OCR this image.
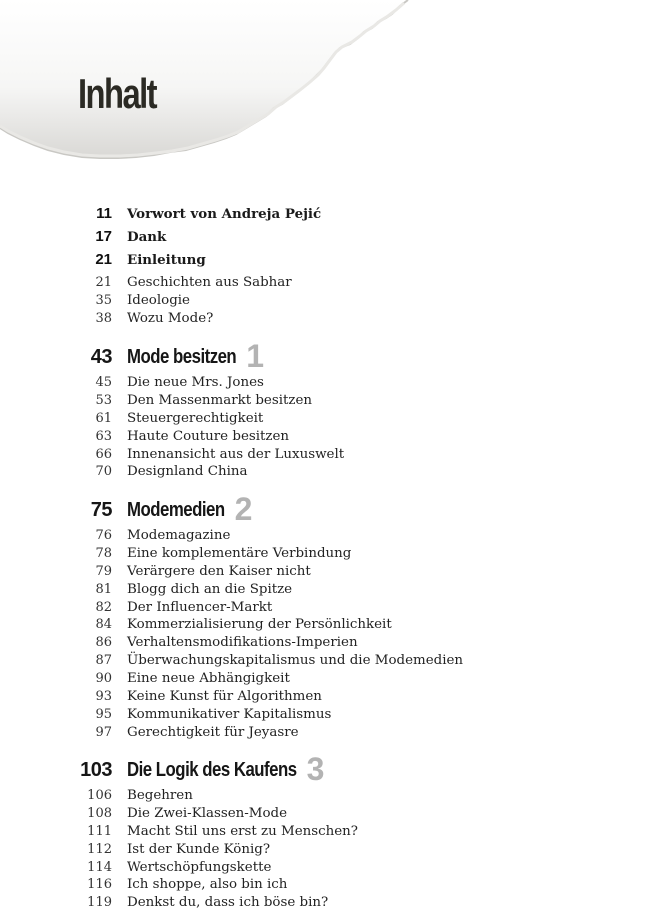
Inhalt
11 Vorwort von Andreja Pejić
17 Dank
21 Einleitung
21 Geschichten aus Sabhar
35 Ideologie
38 Wozu Mode?
43 Mode besitzen 1
45 Die neue Mrs. Jones
53 Den Massenmarkt besitzen
61 Steuergerechtigkeit
63 Haute Couture besitzen
66 Innenansicht aus der Luxuswelt
70 Designland China
75 Modemedien 2
76 Modemagazine
78 Eine komplementäre Verbindung
79 Verärgere den Kaiser nicht
81 Blogg dich an die Spitze
82 Der Influencer-Markt
84 Kommerzialisierung der Persönlichkeit
86 Verhaltensmodifikations-Imperien
87 Überwachungskapitalismus und die Modemedien
90 Eine neue Abhängigkeit
93 Keine Kunst für Algorithmen
95 Kommunikativer Kapitalismus
97 Gerechtigkeit für Jeyasre
103 Die Logik des Kaufens 3
106 Begehren
108 Die Zwei-Klassen-Mode
111 Macht Stil uns erst zu Menschen?
112 Ist der Kunde König?
114 Wertschöpfungskette
116 Ich shoppe, also bin ich
119 Denkst du, dass ich böse bin?
